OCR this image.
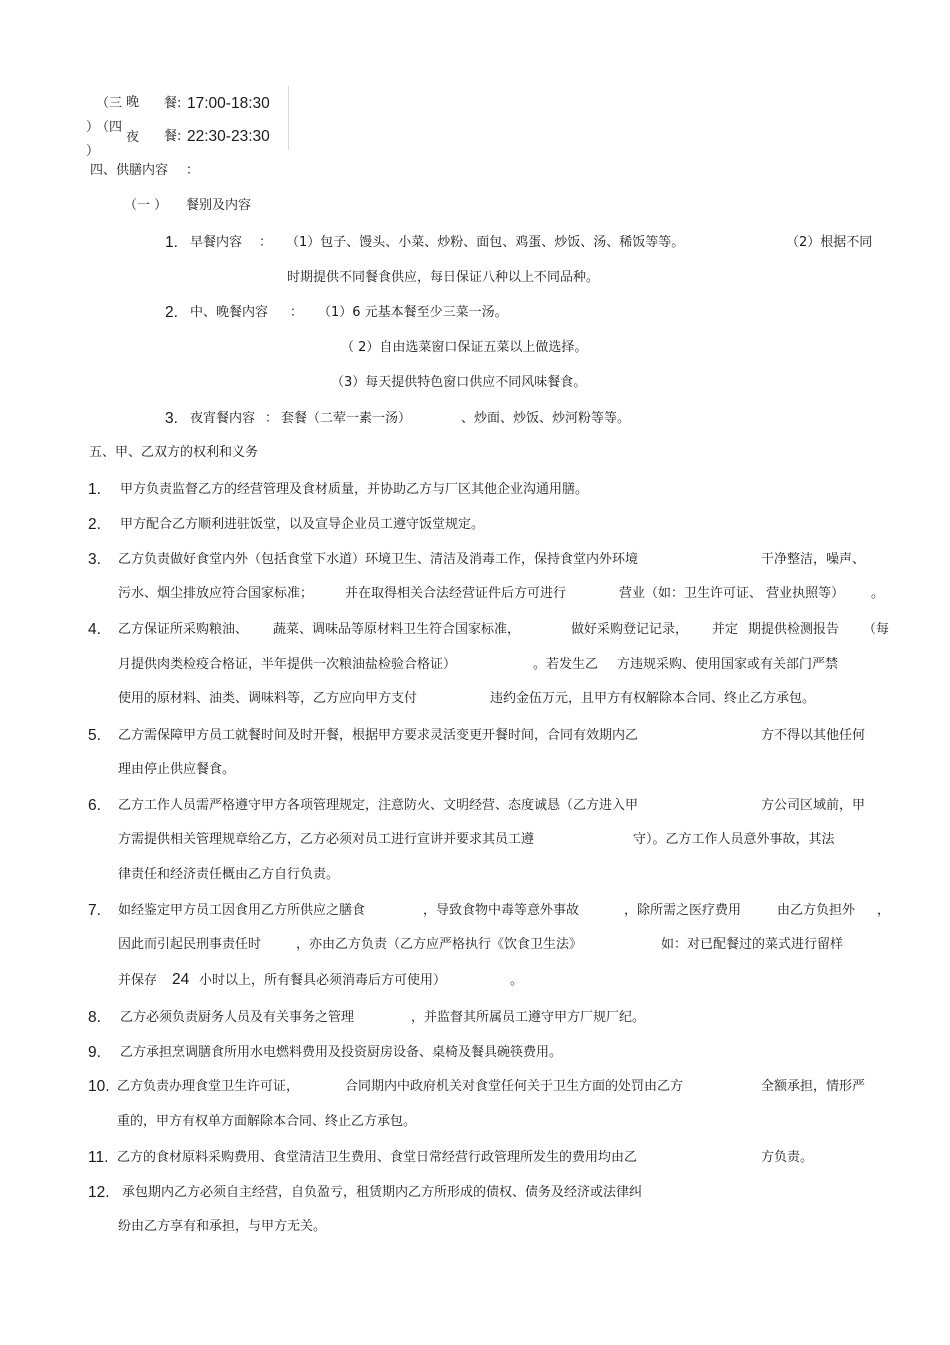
（三 晚 餐: 17:00-18:30
）
（四
夜 餐: 22:30-23:30
）
四、供膳内容 ：
（一 ） 餐别及内容
1. 早餐内容 ： （1）包子、馒头、小菜、炒粉、面包、鸡蛋、炒饭、汤、稀饭等等。	（2）根据不同
时期提供不同餐食供应，每日保证八种以上不同品种。
2. 中、晚餐内容 ： （1）6 元基本餐至少三菜一汤。
（ 2）自由选菜窗口保证五菜以上做选择。
（3）每天提供特色窗口供应不同风味餐食。
3. 夜宵餐内容 ： 套餐（二荤一素一汤）	、炒面、炒饭、炒河粉等等。
五、甲、乙双方的权利和义务
1. 甲方负责监督乙方的经营管理及食材质量，并协助乙方与厂区其他企业沟通用膳。
2. 甲方配合乙方顺利进驻饭堂，以及宣导企业员工遵守饭堂规定。
3. 乙方负责做好食堂内外（包括食堂下水道）环境卫生、清洁及消毒工作，保持食堂内外环境	干净整洁，噪声、
污水、烟尘排放应符合国家标准； 并在取得相关合法经营证件后方可进行	营业（如：卫生许可证、 营业执照等） 。
4. 乙方保证所采购粮油、 蔬菜、调味品等原材料卫生符合国家标准，	做好采购登记记录， 并定 期提供检测报告 （每
月提供肉类检疫合格证，半年提供一次粮油盐检验合格证）	。若发生乙 方违规采购、使用国家或有关部门严禁
使用的原材料、油类、调味料等，乙方应向甲方支付	违约金伍万元，且甲方有权解除本合同、终止乙方承包。
5. 乙方需保障甲方员工就餐时间及时开餐，根据甲方要求灵活变更开餐时间，合同有效期内乙	方不得以其他任何
理由停止供应餐食。
6. 乙方工作人员需严格遵守甲方各项管理规定，注意防火、文明经营、态度诚恳（乙方进入甲	方公司区域前，甲
方需提供相关管理规章给乙方，乙方必须对员工进行宣讲并要求其员工遵	守）。乙方工作人员意外事故，其法
律责任和经济责任概由乙方自行负责。
7. 如经鉴定甲方员工因食用乙方所供应之膳食	，导致食物中毒等意外事故	，除所需之医疗费用	由乙方负担外 ，
因此而引起民刑事责任时	，亦由乙方负责（乙方应严格执行《饮食卫生法》	如：对已配餐过的菜式进行留样
并保存 24 小时以上，所有餐具必须消毒后方可使用）	。
8. 乙方必须负责厨务人员及有关事务之管理	，并监督其所属员工遵守甲方厂规厂纪。
9. 乙方承担烹调膳食所用水电燃料费用及投资厨房设备、桌椅及餐具碗筷费用。
10. 乙方负责办理食堂卫生许可证，	合同期内中政府机关对食堂任何关于卫生方面的处罚由乙方	全额承担，情形严
重的，甲方有权单方面解除本合同、终止乙方承包。
11. 乙方的食材原料采购费用、食堂清洁卫生费用、食堂日常经营行政管理所发生的费用均由乙	方负责。
12. 承包期内乙方必须自主经营，自负盈亏，租赁期内乙方所形成的债权、债务及经济或法律纠
纷由乙方享有和承担，与甲方无关。
